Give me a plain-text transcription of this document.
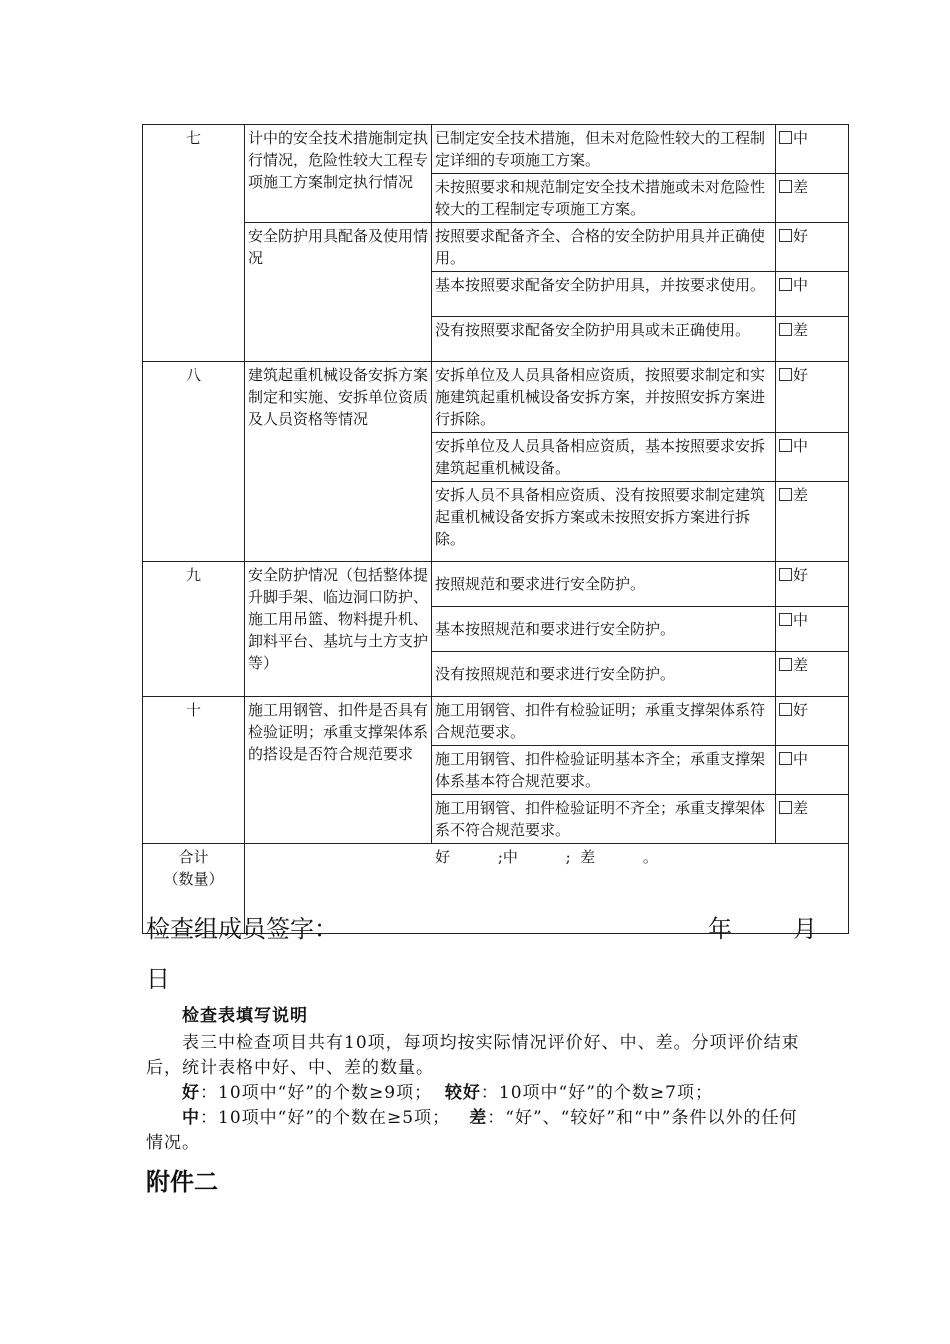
七	计中的安全技术措施制定执行情况，危险性较大工程专项施工方案制定执行情况	已制定安全技术措施，但未对危险性较大的工程制定详细的专项施工方案。	中
		未按照要求和规范制定安全技术措施或未对危险性较大的工程制定专项施工方案。	差
	安全防护用具配备及使用情况	按照要求配备齐全、合格的安全防护用具并正确使用。	好
		基本按照要求配备安全防护用具，并按要求使用。	中
		没有按照要求配备安全防护用具或未正确使用。	差
八	建筑起重机械设备安拆方案制定和实施、安拆单位资质及人员资格等情况	安拆单位及人员具备相应资质，按照要求制定和实施建筑起重机械设备安拆方案，并按照安拆方案进行拆除。	好
		安拆单位及人员具备相应资质，基本按照要求安拆建筑起重机械设备。	中
		安拆人员不具备相应资质、没有按照要求制定建筑起重机械设备安拆方案或未按照安拆方案进行拆除。	差
九	安全防护情况（包括整体提升脚手架、临边洞口防护、施工用吊篮、物料提升机、卸料平台、基坑与土方支护等）	按照规范和要求进行安全防护。	好
		基本按照规范和要求进行安全防护。	中
		没有按照规范和要求进行安全防护。	差
十	施工用钢管、扣件是否具有检验证明；承重支撑架体系的搭设是否符合规范要求	施工用钢管、扣件有检验证明；承重支撑架体系符合规范要求。	好
		施工用钢管、扣件检验证明基本齐全；承重支撑架体系基本符合规范要求。	中
		施工用钢管、扣件检验证明不齐全；承重支撑架体系不符合规范要求。	差

合计
（数量）	好          ;中          ;  差          。		
检查组成员签字：	年        月
日
检查表填写说明

表三中检查项目共有10项，每项均按实际情况评价好、中、差。分项评价结束后，统计表格中好、中、差的数量。

好：10项中“好”的个数≥9项； 较好：10项中“好”的个数≥7项；

中：10项中“好”的个数在≥5项； 差：“好”、“较好”和“中”条件以外的任何情况。

附件二
